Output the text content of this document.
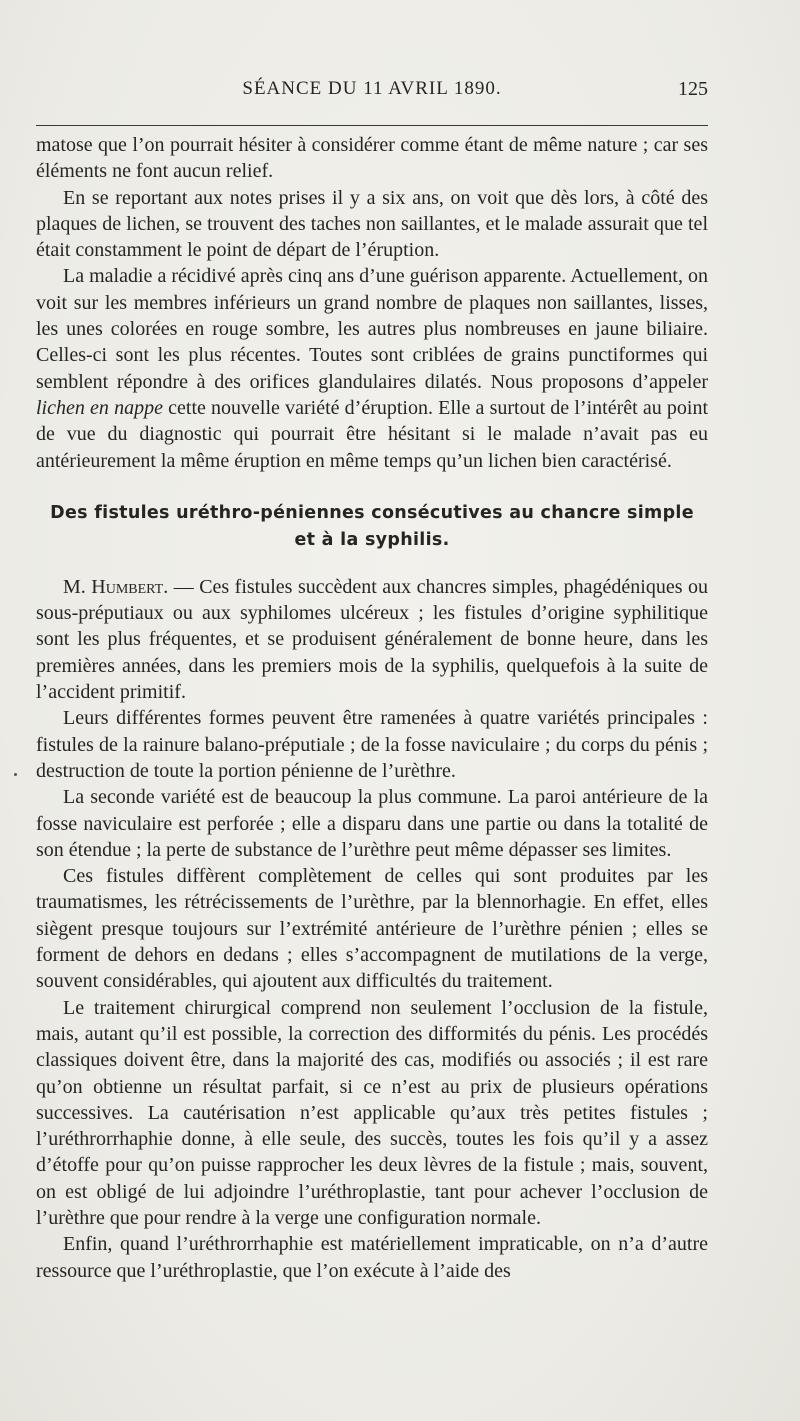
SÉANCE DU 11 AVRIL 1890.	125

matose que l’on pourrait hésiter à considérer comme étant de même nature ; car ses éléments ne font aucun relief.

En se reportant aux notes prises il y a six ans, on voit que dès lors, à côté des plaques de lichen, se trouvent des taches non saillantes, et le malade assurait que tel était constamment le point de départ de l’éruption.

La maladie a récidivé après cinq ans d’une guérison apparente. Actuellement, on voit sur les membres inférieurs un grand nombre de plaques non saillantes, lisses, les unes colorées en rouge sombre, les autres plus nombreuses en jaune biliaire. Celles-ci sont les plus récentes. Toutes sont criblées de grains punctiformes qui semblent répondre à des orifices glandulaires dilatés. Nous proposons d’appeler lichen en nappe cette nouvelle variété d’éruption. Elle a surtout de l’intérêt au point de vue du diagnostic qui pourrait être hésitant si le malade n’avait pas eu antérieurement la même éruption en même temps qu’un lichen bien caractérisé.

Des fistules uréthro-péniennes consécutives au chancre simple
et à la syphilis.

M. Humbert. — Ces fistules succèdent aux chancres simples, phagédéniques ou sous-préputiaux ou aux syphilomes ulcéreux ; les fistules d’origine syphilitique sont les plus fréquentes, et se produisent généralement de bonne heure, dans les premières années, dans les premiers mois de la syphilis, quelquefois à la suite de l’accident primitif.

Leurs différentes formes peuvent être ramenées à quatre variétés principales : fistules de la rainure balano-préputiale ; de la fosse naviculaire ; du corps du pénis ; destruction de toute la portion pénienne de l’urèthre.

La seconde variété est de beaucoup la plus commune. La paroi antérieure de la fosse naviculaire est perforée ; elle a disparu dans une partie ou dans la totalité de son étendue ; la perte de substance de l’urèthre peut même dépasser ses limites.

Ces fistules diffèrent complètement de celles qui sont produites par les traumatismes, les rétrécissements de l’urèthre, par la blennorhagie. En effet, elles siègent presque toujours sur l’extrémité antérieure de l’urèthre pénien ; elles se forment de dehors en dedans ; elles s’accompagnent de mutilations de la verge, souvent considérables, qui ajoutent aux difficultés du traitement.

Le traitement chirurgical comprend non seulement l’occlusion de la fistule, mais, autant qu’il est possible, la correction des difformités du pénis. Les procédés classiques doivent être, dans la majorité des cas, modifiés ou associés ; il est rare qu’on obtienne un résultat parfait, si ce n’est au prix de plusieurs opérations successives. La cautérisation n’est applicable qu’aux très petites fistules ; l’uréthrorrhaphie donne, à elle seule, des succès, toutes les fois qu’il y a assez d’étoffe pour qu’on puisse rapprocher les deux lèvres de la fistule ; mais, souvent, on est obligé de lui adjoindre l’uréthroplastie, tant pour achever l’occlusion de l’urèthre que pour rendre à la verge une configuration normale.

Enfin, quand l’uréthrorrhaphie est matériellement impraticable, on n’a d’autre ressource que l’uréthroplastie, que l’on exécute à l’aide des
